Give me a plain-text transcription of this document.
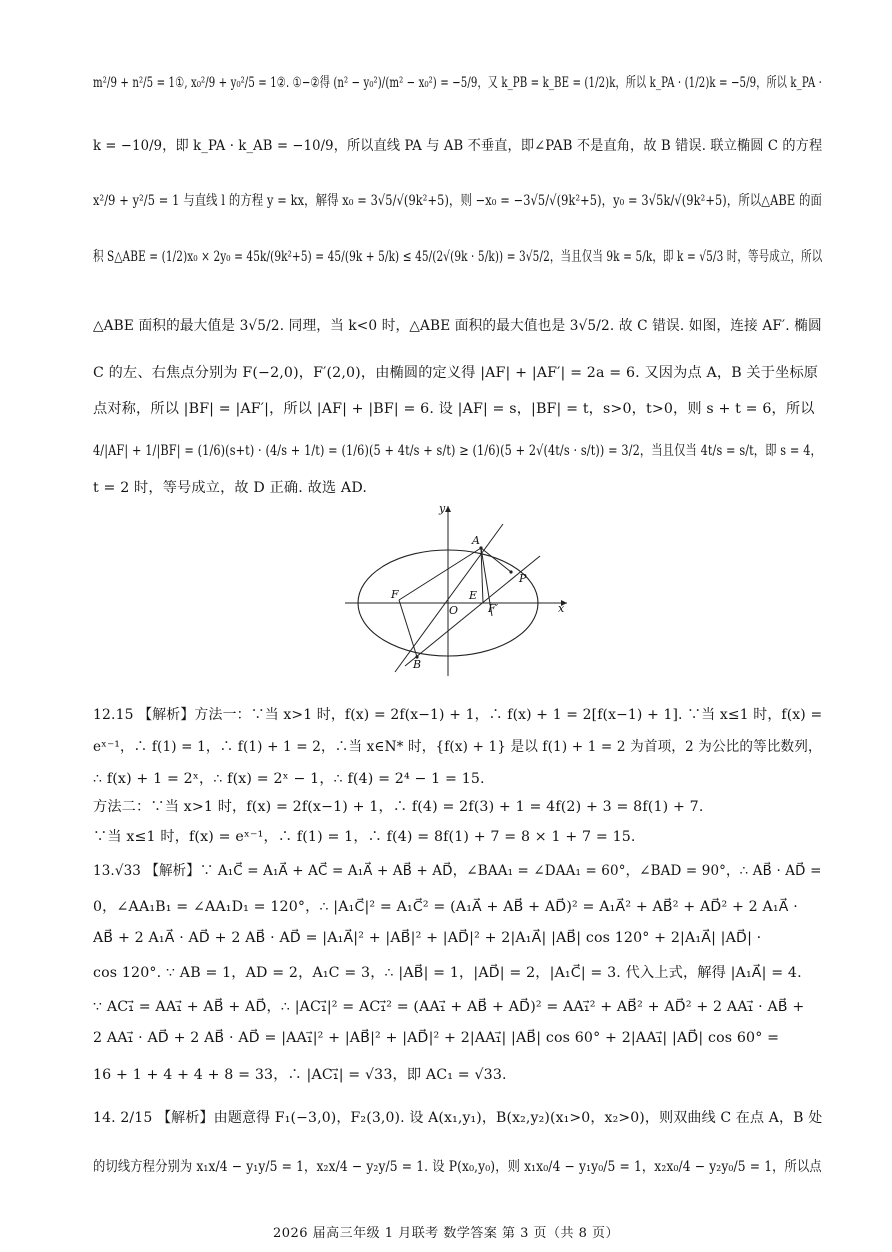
m²/9 + n²/5 = 1①, x₀²/9 + y₀²/5 = 1②. ①−②得 (n² − y₀²)/(m² − x₀²) = −5/9，又 k_PB = k_BE = (1/2)k，所以 k_PA · (1/2)k = −5/9，所以 k_PA ·
k = −10/9，即 k_PA · k_AB = −10/9，所以直线 PA 与 AB 不垂直，即∠PAB 不是直角，故 B 错误. 联立椭圆 C 的方程
x²/9 + y²/5 = 1 与直线 l 的方程 y = kx，解得 x₀ = 3√5/√(9k²+5)，则 −x₀ = −3√5/√(9k²+5)，y₀ = 3√5k/√(9k²+5)，所以△ABE 的面
积 S△ABE = (1/2)x₀ × 2y₀ = 45k/(9k²+5) = 45/(9k + 5/k) ≤ 45/(2√(9k · 5/k)) = 3√5/2，当且仅当 9k = 5/k，即 k = √5/3 时，等号成立，所以
△ABE 面积的最大值是 3√5/2. 同理，当 k<0 时，△ABE 面积的最大值也是 3√5/2. 故 C 错误. 如图，连接 AF′. 椭圆
C 的左、右焦点分别为 F(−2,0)，F′(2,0)，由椭圆的定义得 |AF| + |AF′| = 2a = 6. 又因为点 A，B 关于坐标原
点对称，所以 |BF| = |AF′|，所以 |AF| + |BF| = 6. 设 |AF| = s，|BF| = t，s>0，t>0，则 s + t = 6，所以
4/|AF| + 1/|BF| = (1/6)(s+t) · (4/s + 1/t) = (1/6)(5 + 4t/s + s/t) ≥ (1/6)(5 + 2√(4t/s · s/t)) = 3/2，当且仅当 4t/s = s/t，即 s = 4，
t = 2 时，等号成立，故 D 正确. 故选 AD.
y
A
P
F
O
E
F′	x
B
12.15 【解析】方法一：∵当 x>1 时，f(x) = 2f(x−1) + 1，∴ f(x) + 1 = 2[f(x−1) + 1]. ∵当 x≤1 时，f(x) =
eˣ⁻¹，∴ f(1) = 1，∴ f(1) + 1 = 2，∴当 x∈N* 时，{f(x) + 1} 是以 f(1) + 1 = 2 为首项，2 为公比的等比数列，
∴ f(x) + 1 = 2ˣ，∴ f(x) = 2ˣ − 1，∴ f(4) = 2⁴ − 1 = 15.
方法二：∵当 x>1 时，f(x) = 2f(x−1) + 1，∴ f(4) = 2f(3) + 1 = 4f(2) + 3 = 8f(1) + 7.
∵当 x≤1 时，f(x) = eˣ⁻¹，∴ f(1) = 1，∴ f(4) = 8f(1) + 7 = 8 × 1 + 7 = 15.
13.√33 【解析】∵ A₁C⃗ = A₁A⃗ + AC⃗ = A₁A⃗ + AB⃗ + AD⃗，∠BAA₁ = ∠DAA₁ = 60°，∠BAD = 90°，∴ AB⃗ · AD⃗ =
0，∠AA₁B₁ = ∠AA₁D₁ = 120°，∴ |A₁C⃗|² = A₁C⃗² = (A₁A⃗ + AB⃗ + AD⃗)² = A₁A⃗² + AB⃗² + AD⃗² + 2 A₁A⃗ ·
AB⃗ + 2 A₁A⃗ · AD⃗ + 2 AB⃗ · AD⃗ = |A₁A⃗|² + |AB⃗|² + |AD⃗|² + 2|A₁A⃗| |AB⃗| cos 120° + 2|A₁A⃗| |AD⃗| ·
cos 120°. ∵ AB = 1，AD = 2，A₁C = 3，∴ |AB⃗| = 1，|AD⃗| = 2，|A₁C⃗| = 3. 代入上式，解得 |A₁A⃗| = 4.
∵ AC₁⃗ = AA₁⃗ + AB⃗ + AD⃗，∴ |AC₁⃗|² = AC₁⃗² = (AA₁⃗ + AB⃗ + AD⃗)² = AA₁⃗² + AB⃗² + AD⃗² + 2 AA₁⃗ · AB⃗ +
2 AA₁⃗ · AD⃗ + 2 AB⃗ · AD⃗ = |AA₁⃗|² + |AB⃗|² + |AD⃗|² + 2|AA₁⃗| |AB⃗| cos 60° + 2|AA₁⃗| |AD⃗| cos 60° =
16 + 1 + 4 + 4 + 8 = 33，∴ |AC₁⃗| = √33，即 AC₁ = √33.
14. 2/15 【解析】由题意得 F₁(−3,0)，F₂(3,0). 设 A(x₁,y₁)，B(x₂,y₂)(x₁>0，x₂>0)，则双曲线 C 在点 A，B 处
的切线方程分别为 x₁x/4 − y₁y/5 = 1，x₂x/4 − y₂y/5 = 1. 设 P(x₀,y₀)，则 x₁x₀/4 − y₁y₀/5 = 1，x₂x₀/4 − y₂y₀/5 = 1，所以点
2026 届高三年级 1 月联考 数学答案 第 3 页（共 8 页）
